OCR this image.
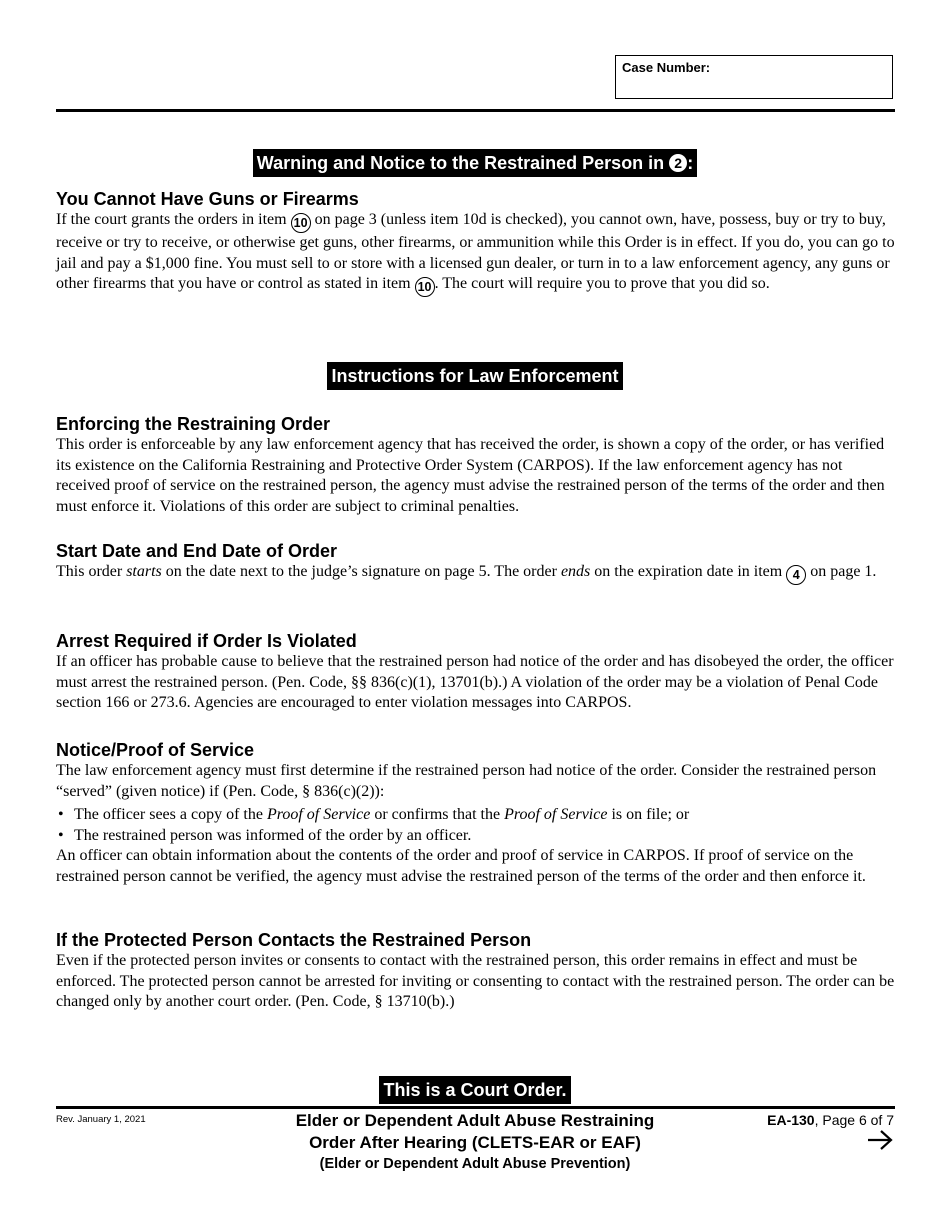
Case Number:
Warning and Notice to the Restrained Person in 2 :
You Cannot Have Guns or Firearms

If the court grants the orders in item 10 on page 3 (unless item 10d is checked), you cannot own, have, possess, buy or try to buy, receive or try to receive, or otherwise get guns, other firearms, or ammunition while this Order is in effect. If you do, you can go to jail and pay a $1,000 fine. You must sell to or store with a licensed gun dealer, or turn in to a law enforcement agency, any guns or other firearms that you have or control as stated in item 10 . The court will require you to prove that you did so.

Instructions for Law Enforcement
Enforcing the Restraining Order

This order is enforceable by any law enforcement agency that has received the order, is shown a copy of the order, or has verified its existence on the California Restraining and Protective Order System (CARPOS). If the law enforcement agency has not received proof of service on the restrained person, the agency must advise the restrained person of the terms of the order and then must enforce it. Violations of this order are subject to criminal penalties.

Start Date and End Date of Order

This order starts on the date next to the judge’s signature on page 5. The order ends on the expiration date in item 4 on page 1.

Arrest Required if Order Is Violated

If an officer has probable cause to believe that the restrained person had notice of the order and has disobeyed the order, the officer must arrest the restrained person. (Pen. Code, §§ 836(c)(1), 13701(b).) A violation of the order may be a violation of Penal Code section 166 or 273.6. Agencies are encouraged to enter violation messages into CARPOS.

Notice/Proof of Service

The law enforcement agency must first determine if the restrained person had notice of the order. Consider the restrained person “served” (given notice) if (Pen. Code, § 836(c)(2)):

• The officer sees a copy of the Proof of Service or confirms that the Proof of Service is on file; or
• The restrained person was informed of the order by an officer.

An officer can obtain information about the contents of the order and proof of service in CARPOS. If proof of service on the restrained person cannot be verified, the agency must advise the restrained person of the terms of the order and then enforce it.

If the Protected Person Contacts the Restrained Person

Even if the protected person invites or consents to contact with the restrained person, this order remains in effect and must be enforced. The protected person cannot be arrested for inviting or consenting to contact with the restrained person. The order can be changed only by another court order. (Pen. Code, § 13710(b).)

This is a Court Order.
Rev. January 1, 2021	Elder or Dependent Adult Abuse Restraining
Order After Hearing (CLETS-EAR or EAF)
(Elder or Dependent Adult Abuse Prevention)
EA-130, Page 6 of 7
